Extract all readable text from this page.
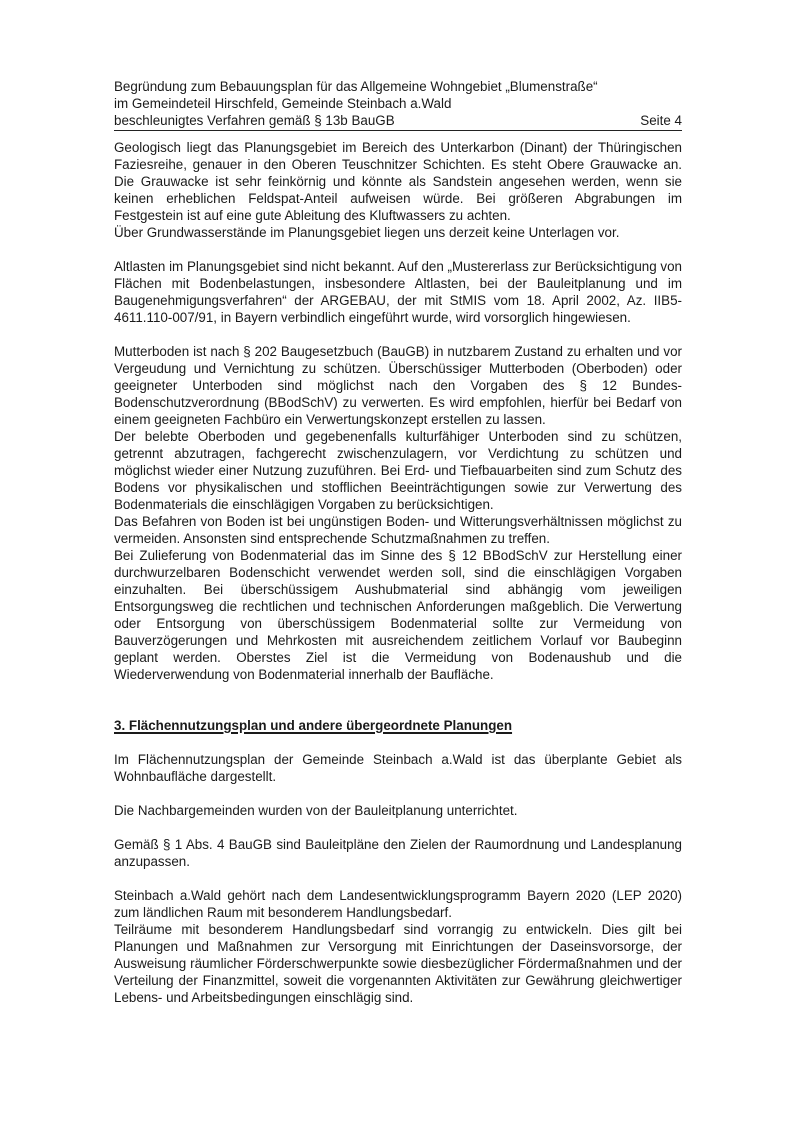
Begründung zum Bebauungsplan für das Allgemeine Wohngebiet „Blumenstraße“
im Gemeindeteil Hirschfeld, Gemeinde Steinbach a.Wald
beschleunigtes Verfahren gemäß § 13b BauGB	Seite 4

Geologisch liegt das Planungsgebiet im Bereich des Unterkarbon (Dinant) der Thüringischen Faziesreihe, genauer in den Oberen Teuschnitzer Schichten. Es steht Obere Grauwacke an. Die Grauwacke ist sehr feinkörnig und könnte als Sandstein angesehen werden, wenn sie keinen erheblichen Feldspat-Anteil aufweisen würde. Bei größeren Abgrabungen im Festgestein ist auf eine gute Ableitung des Kluftwassers zu achten.

Über Grundwasserstände im Planungsgebiet liegen uns derzeit keine Unterlagen vor.

Altlasten im Planungsgebiet sind nicht bekannt. Auf den „Mustererlass zur Berücksichtigung von Flächen mit Bodenbelastungen, insbesondere Altlasten, bei der Bauleitplanung und im Baugenehmigungsverfahren“ der ARGEBAU, der mit StMIS vom 18. April 2002, Az. IIB5-4611.110-007/91, in Bayern verbindlich eingeführt wurde, wird vorsorglich hingewiesen.

Mutterboden ist nach § 202 Baugesetzbuch (BauGB) in nutzbarem Zustand zu erhalten und vor Vergeudung und Vernichtung zu schützen. Überschüssiger Mutterboden (Oberboden) oder geeigneter Unterboden sind möglichst nach den Vorgaben des § 12 Bundes-Bodenschutzverordnung (BBodSchV) zu verwerten. Es wird empfohlen, hierfür bei Bedarf von einem geeigneten Fachbüro ein Verwertungskonzept erstellen zu lassen.

Der belebte Oberboden und gegebenenfalls kulturfähiger Unterboden sind zu schützen, getrennt abzutragen, fachgerecht zwischenzulagern, vor Verdichtung zu schützen und möglichst wieder einer Nutzung zuzuführen. Bei Erd- und Tiefbauarbeiten sind zum Schutz des Bodens vor physikalischen und stofflichen Beeinträchtigungen sowie zur Verwertung des Bodenmaterials die einschlägigen Vorgaben zu berücksichtigen.

Das Befahren von Boden ist bei ungünstigen Boden- und Witterungsverhältnissen möglichst zu vermeiden. Ansonsten sind entsprechende Schutzmaßnahmen zu treffen.

Bei Zulieferung von Bodenmaterial das im Sinne des § 12 BBodSchV zur Herstellung einer durchwurzelbaren Bodenschicht verwendet werden soll, sind die einschlägigen Vorgaben einzuhalten. Bei überschüssigem Aushubmaterial sind abhängig vom jeweiligen Entsorgungsweg die rechtlichen und technischen Anforderungen maßgeblich. Die Verwertung oder Entsorgung von überschüssigem Bodenmaterial sollte zur Vermeidung von Bauverzögerungen und Mehrkosten mit ausreichendem zeitlichem Vorlauf vor Baubeginn geplant werden. Oberstes Ziel ist die Vermeidung von Bodenaushub und die Wiederverwendung von Bodenmaterial innerhalb der Baufläche.

3. Flächennutzungsplan und andere übergeordnete Planungen

Im Flächennutzungsplan der Gemeinde Steinbach a.Wald ist das überplante Gebiet als Wohnbaufläche dargestellt.

Die Nachbargemeinden wurden von der Bauleitplanung unterrichtet.

Gemäß § 1 Abs. 4 BauGB sind Bauleitpläne den Zielen der Raumordnung und Landesplanung anzupassen.

Steinbach a.Wald gehört nach dem Landesentwicklungsprogramm Bayern 2020 (LEP 2020) zum ländlichen Raum mit besonderem Handlungsbedarf.

Teilräume mit besonderem Handlungsbedarf sind vorrangig zu entwickeln. Dies gilt bei Planungen und Maßnahmen zur Versorgung mit Einrichtungen der Daseinsvorsorge, der Ausweisung räumlicher Förderschwerpunkte sowie diesbezüglicher Fördermaßnahmen und der Verteilung der Finanzmittel, soweit die vorgenannten Aktivitäten zur Gewährung gleichwertiger Lebens- und Arbeitsbedingungen einschlägig sind.
